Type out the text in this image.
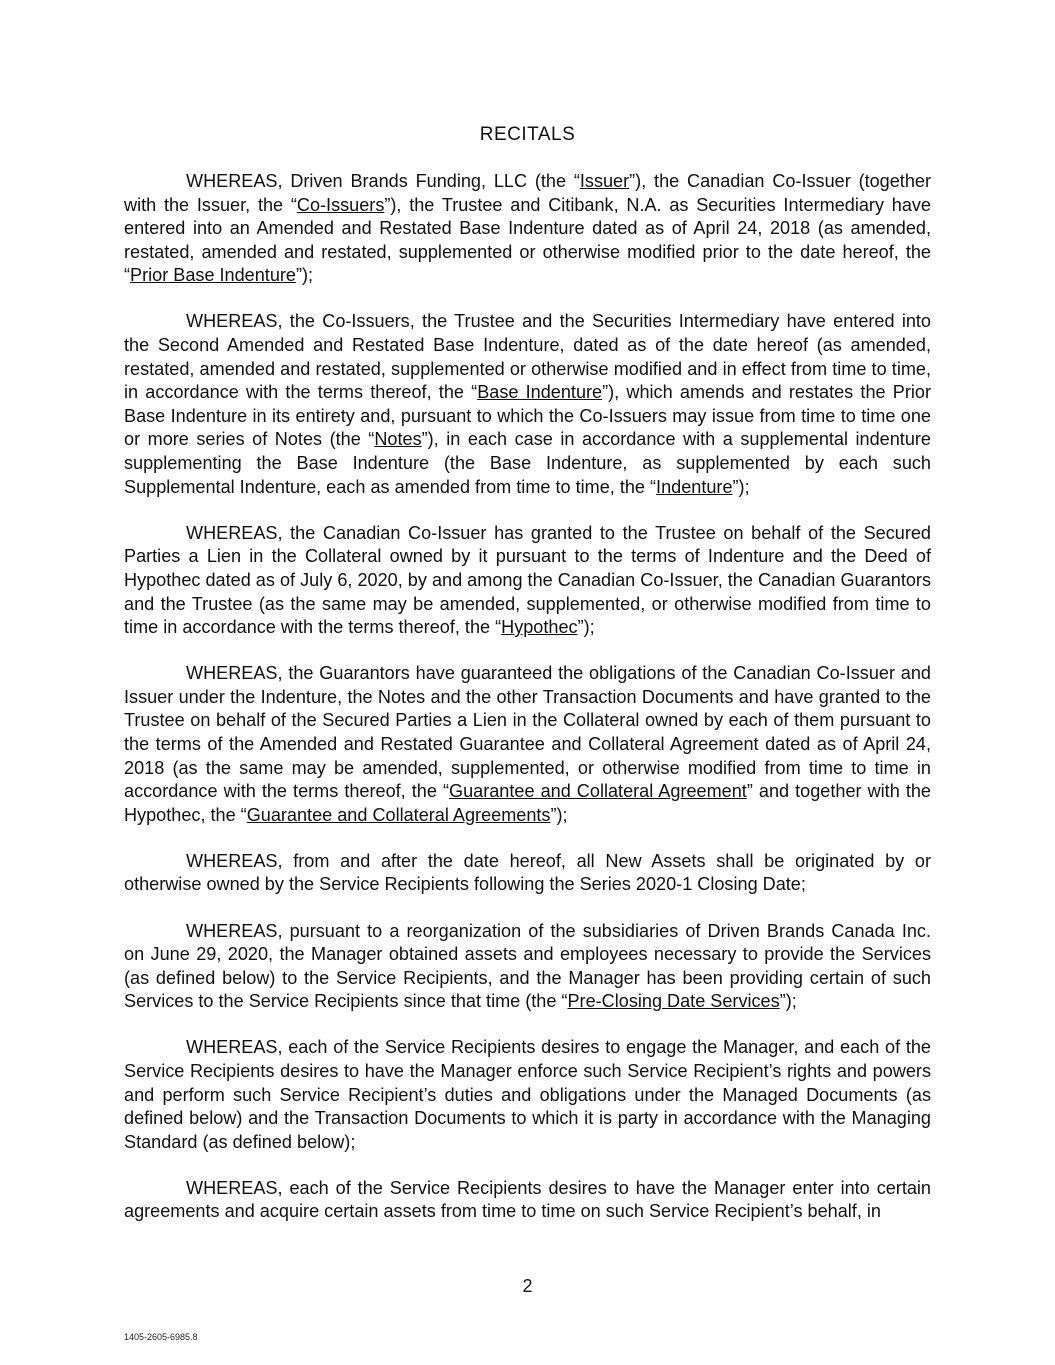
RECITALS

WHEREAS, Driven Brands Funding, LLC (the “Issuer”), the Canadian Co-Issuer (together with the Issuer, the “Co-Issuers”), the Trustee and Citibank, N.A. as Securities Intermediary have entered into an Amended and Restated Base Indenture dated as of April 24, 2018 (as amended, restated, amended and restated, supplemented or otherwise modified prior to the date hereof, the “Prior Base Indenture”);

WHEREAS, the Co-Issuers, the Trustee and the Securities Intermediary have entered into the Second Amended and Restated Base Indenture, dated as of the date hereof (as amended, restated, amended and restated, supplemented or otherwise modified and in effect from time to time, in accordance with the terms thereof, the “Base Indenture”), which amends and restates the Prior Base Indenture in its entirety and, pursuant to which the Co-Issuers may issue from time to time one or more series of Notes (the “Notes”), in each case in accordance with a supplemental indenture supplementing the Base Indenture (the Base Indenture, as supplemented by each such Supplemental Indenture, each as amended from time to time, the “Indenture”);

WHEREAS, the Canadian Co-Issuer has granted to the Trustee on behalf of the Secured Parties a Lien in the Collateral owned by it pursuant to the terms of Indenture and the Deed of Hypothec dated as of July 6, 2020, by and among the Canadian Co-Issuer, the Canadian Guarantors and the Trustee (as the same may be amended, supplemented, or otherwise modified from time to time in accordance with the terms thereof, the “Hypothec”);

WHEREAS, the Guarantors have guaranteed the obligations of the Canadian Co-Issuer and Issuer under the Indenture, the Notes and the other Transaction Documents and have granted to the Trustee on behalf of the Secured Parties a Lien in the Collateral owned by each of them pursuant to the terms of the Amended and Restated Guarantee and Collateral Agreement dated as of April 24, 2018 (as the same may be amended, supplemented, or otherwise modified from time to time in accordance with the terms thereof, the “Guarantee and Collateral Agreement” and together with the Hypothec, the “Guarantee and Collateral Agreements”);

WHEREAS, from and after the date hereof, all New Assets shall be originated by or otherwise owned by the Service Recipients following the Series 2020-1 Closing Date;

WHEREAS, pursuant to a reorganization of the subsidiaries of Driven Brands Canada Inc. on June 29, 2020, the Manager obtained assets and employees necessary to provide the Services (as defined below) to the Service Recipients, and the Manager has been providing certain of such Services to the Service Recipients since that time (the “Pre-Closing Date Services”);

WHEREAS, each of the Service Recipients desires to engage the Manager, and each of the Service Recipients desires to have the Manager enforce such Service Recipient’s rights and powers and perform such Service Recipient’s duties and obligations under the Managed Documents (as defined below) and the Transaction Documents to which it is party in accordance with the Managing Standard (as defined below);

WHEREAS, each of the Service Recipients desires to have the Manager enter into certain agreements and acquire certain assets from time to time on such Service Recipient’s behalf, in

2
1405-2605-6985.8
